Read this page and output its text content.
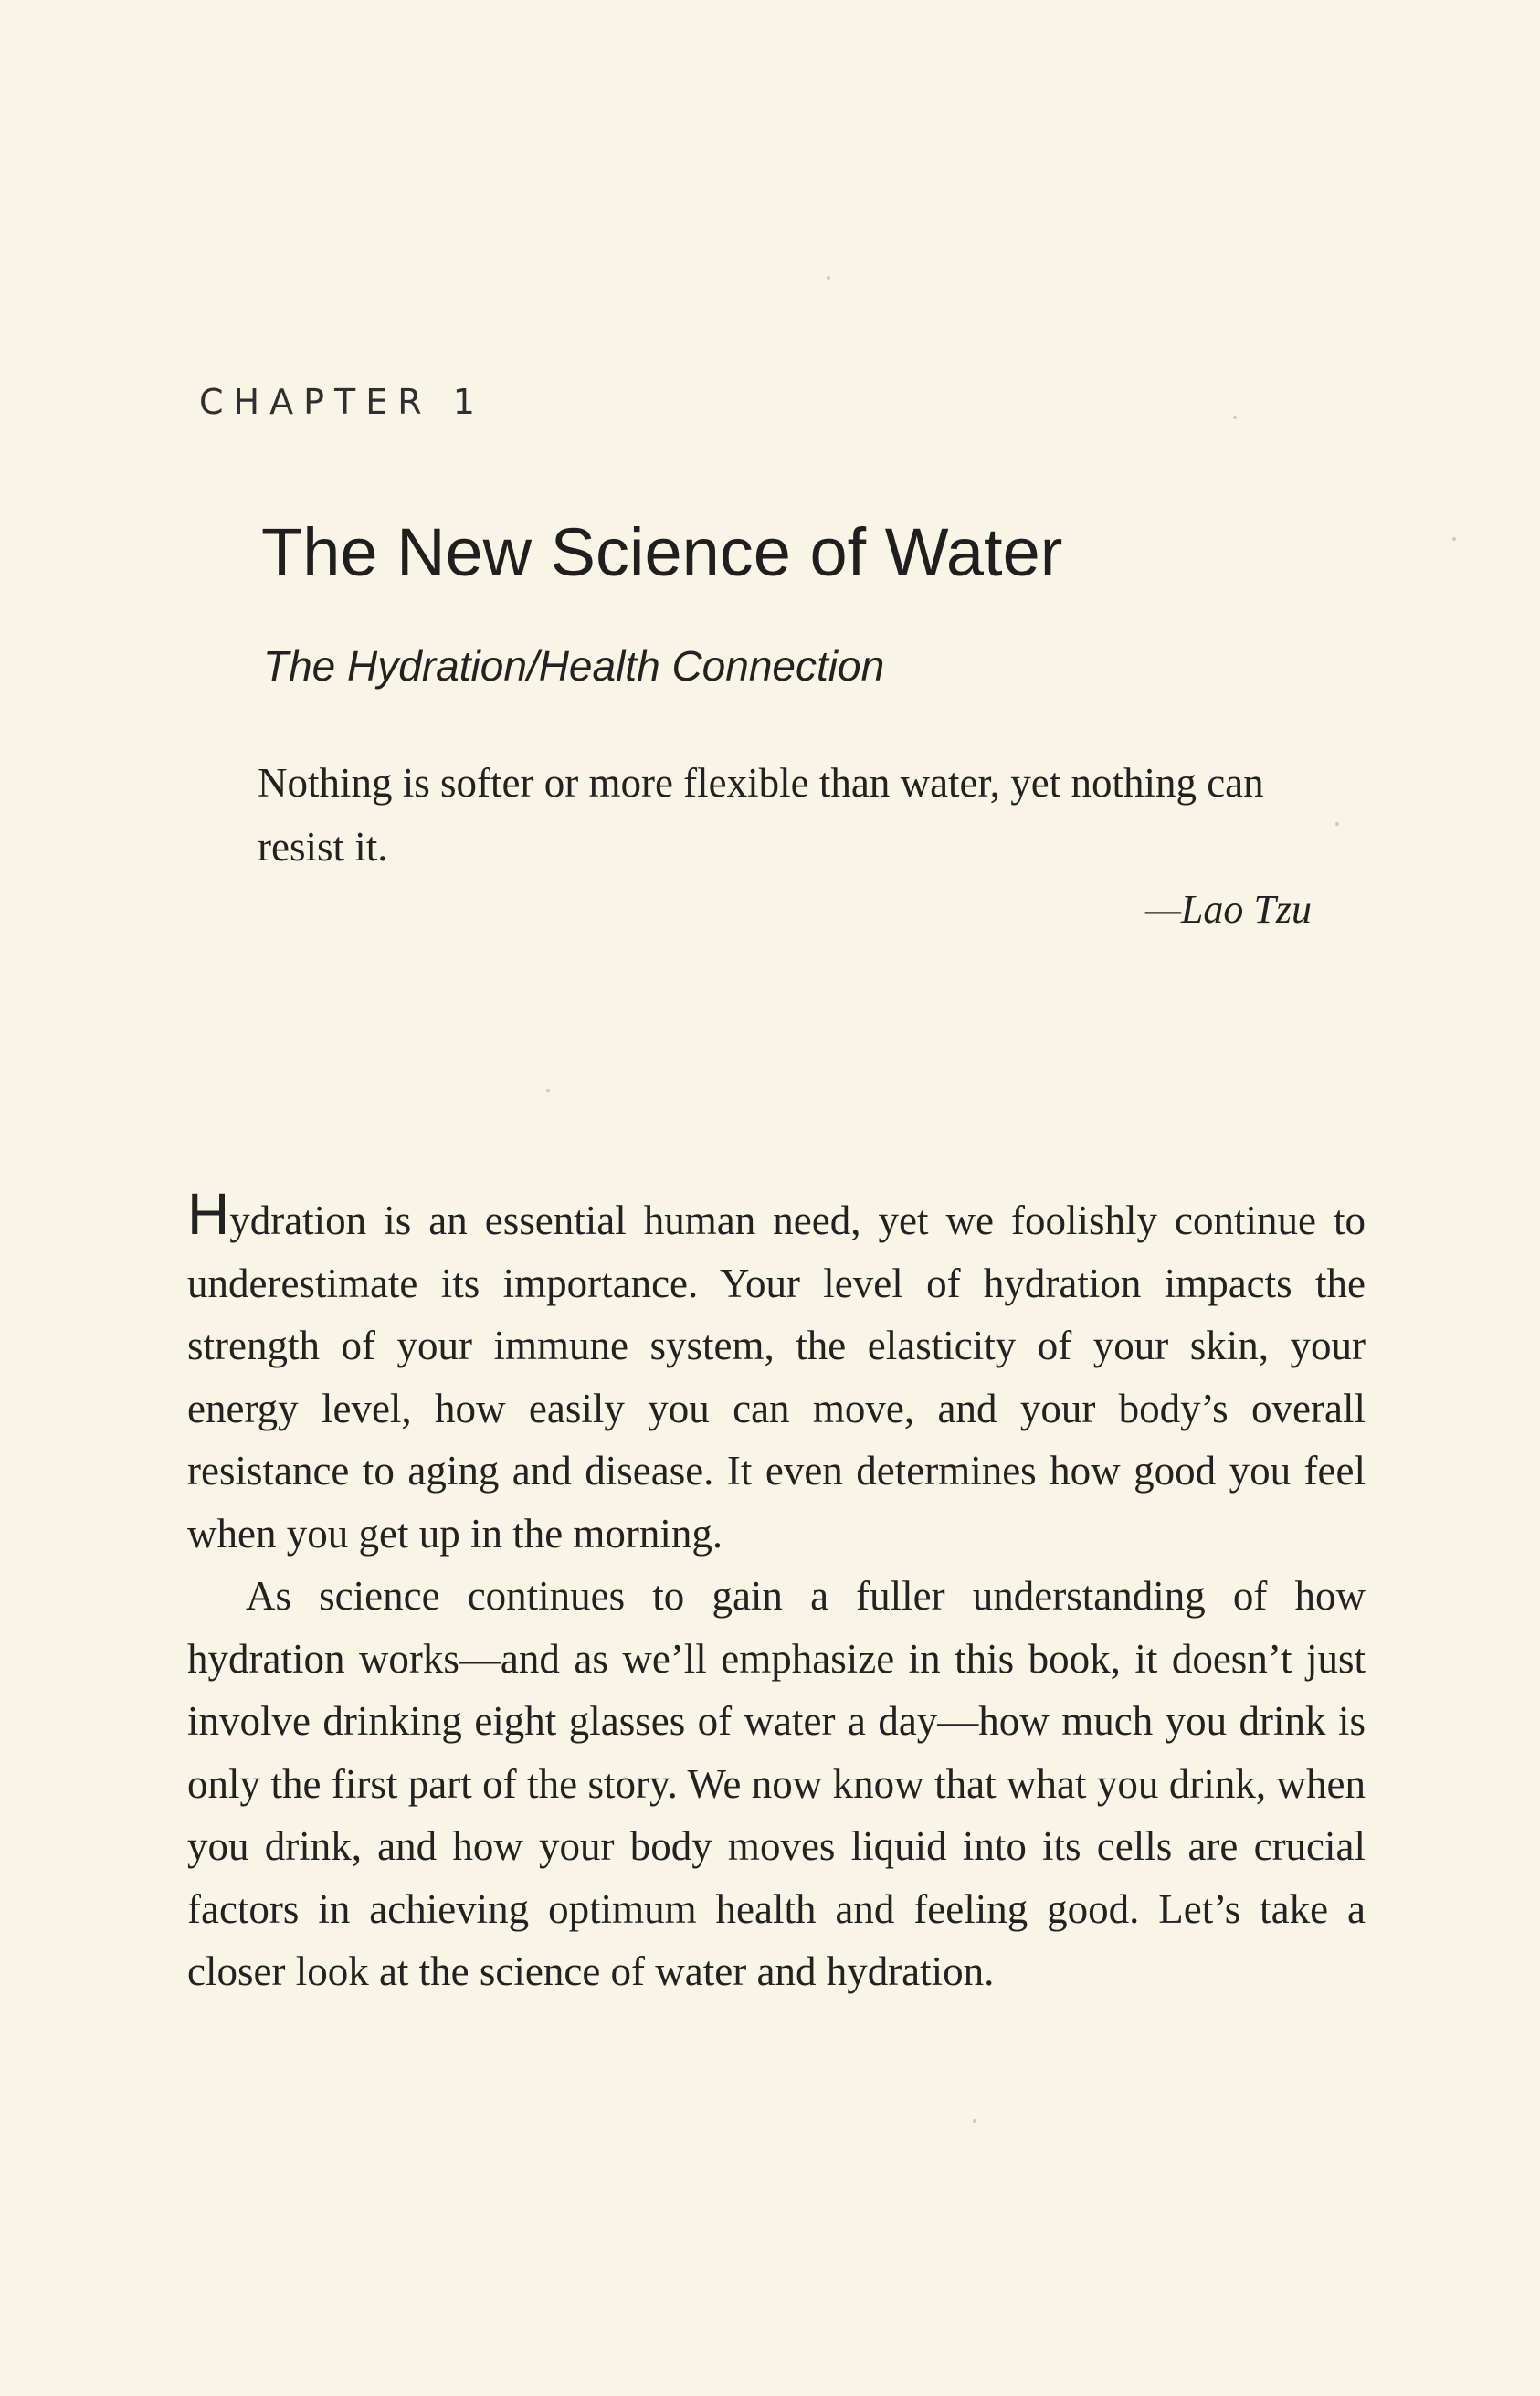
CHAPTER 1
The New Science of Water
The Hydration/Health Connection
Nothing is softer or more flexible than water, yet nothing can resist it.
—Lao Tzu

Hydration is an essential human need, yet we foolishly continue to underestimate its importance. Your level of hydration impacts the strength of your immune system, the elasticity of your skin, your energy level, how easily you can move, and your body’s overall resistance to aging and disease. It even determines how good you feel when you get up in the morning.

As science continues to gain a fuller understanding of how hydration works—and as we’ll emphasize in this book, it doesn’t just involve drinking eight glasses of water a day—how much you drink is only the first part of the story. We now know that what you drink, when you drink, and how your body moves liquid into its cells are crucial factors in achieving optimum health and feeling good. Let’s take a closer look at the science of water and hydration.
